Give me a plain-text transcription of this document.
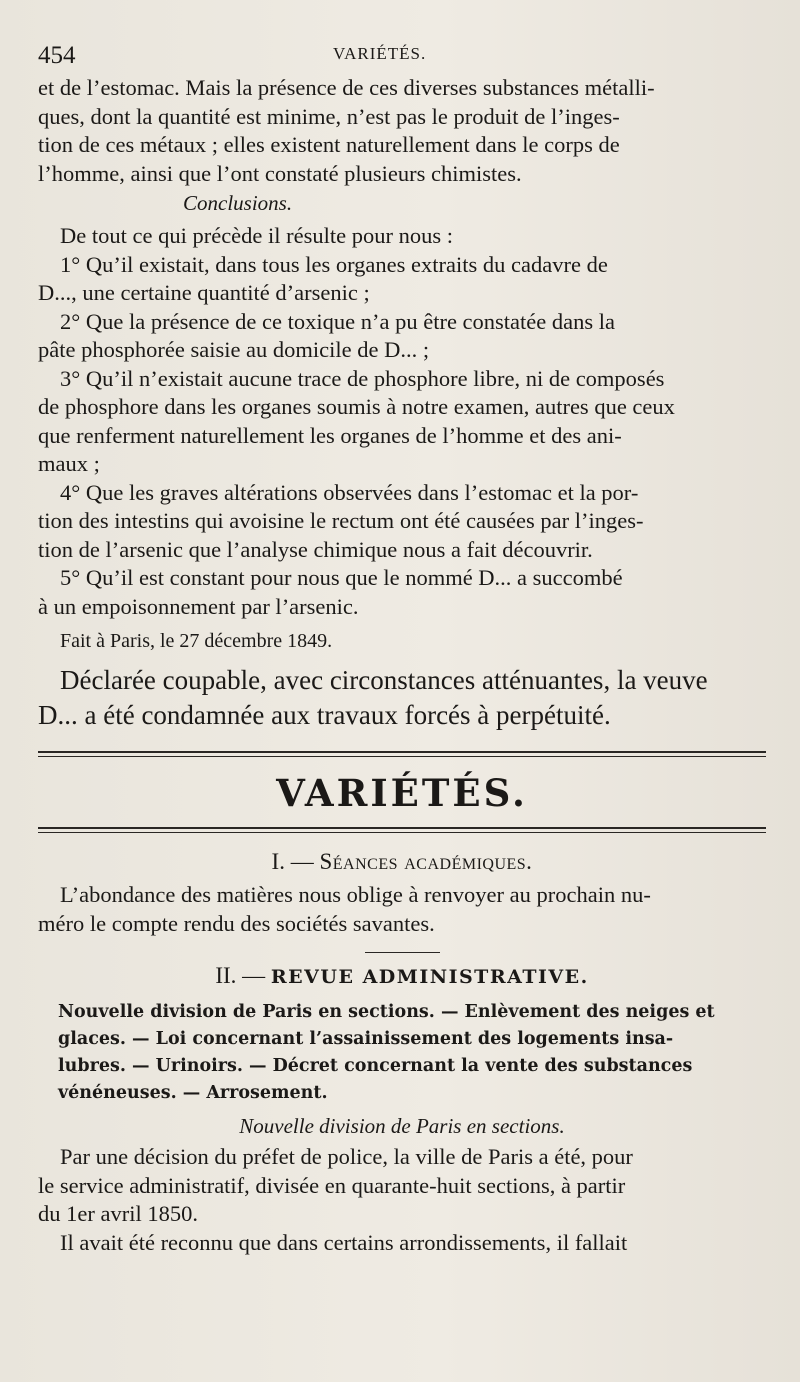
454	VARIÉTÉS.

et de l’estomac. Mais la présence de ces diverses substances métalli-

ques, dont la quantité est minime, n’est pas le produit de l’inges-

tion de ces métaux ; elles existent naturellement dans le corps de

l’homme, ainsi que l’ont constaté plusieurs chimistes.

Conclusions.

De tout ce qui précède il résulte pour nous :

1° Qu’il existait, dans tous les organes extraits du cadavre de

D..., une certaine quantité d’arsenic ;

2° Que la présence de ce toxique n’a pu être constatée dans la

pâte phosphorée saisie au domicile de D... ;

3° Qu’il n’existait aucune trace de phosphore libre, ni de composés

de phosphore dans les organes soumis à notre examen, autres que ceux

que renferment naturellement les organes de l’homme et des ani-

maux ;

4° Que les graves altérations observées dans l’estomac et la por-

tion des intestins qui avoisine le rectum ont été causées par l’inges-

tion de l’arsenic que l’analyse chimique nous a fait découvrir.

5° Qu’il est constant pour nous que le nommé D... a succombé

à un empoisonnement par l’arsenic.

Fait à Paris, le 27 décembre 1849.

Déclarée coupable, avec circonstances atténuantes, la veuve

D... a été condamnée aux travaux forcés à perpétuité.

VARIÉTÉS.
I. — Séances académiques.

L’abondance des matières nous oblige à renvoyer au prochain nu-

méro le compte rendu des sociétés savantes.

II. — REVUE ADMINISTRATIVE.

Nouvelle division de Paris en sections. — Enlèvement des neiges et

glaces. — Loi concernant l’assainissement des logements insa-

lubres. — Urinoirs. — Décret concernant la vente des substances

vénéneuses. — Arrosement.

Nouvelle division de Paris en sections.

Par une décision du préfet de police, la ville de Paris a été, pour

le service administratif, divisée en quarante-huit sections, à partir

du 1er avril 1850.

Il avait été reconnu que dans certains arrondissements, il fallait
